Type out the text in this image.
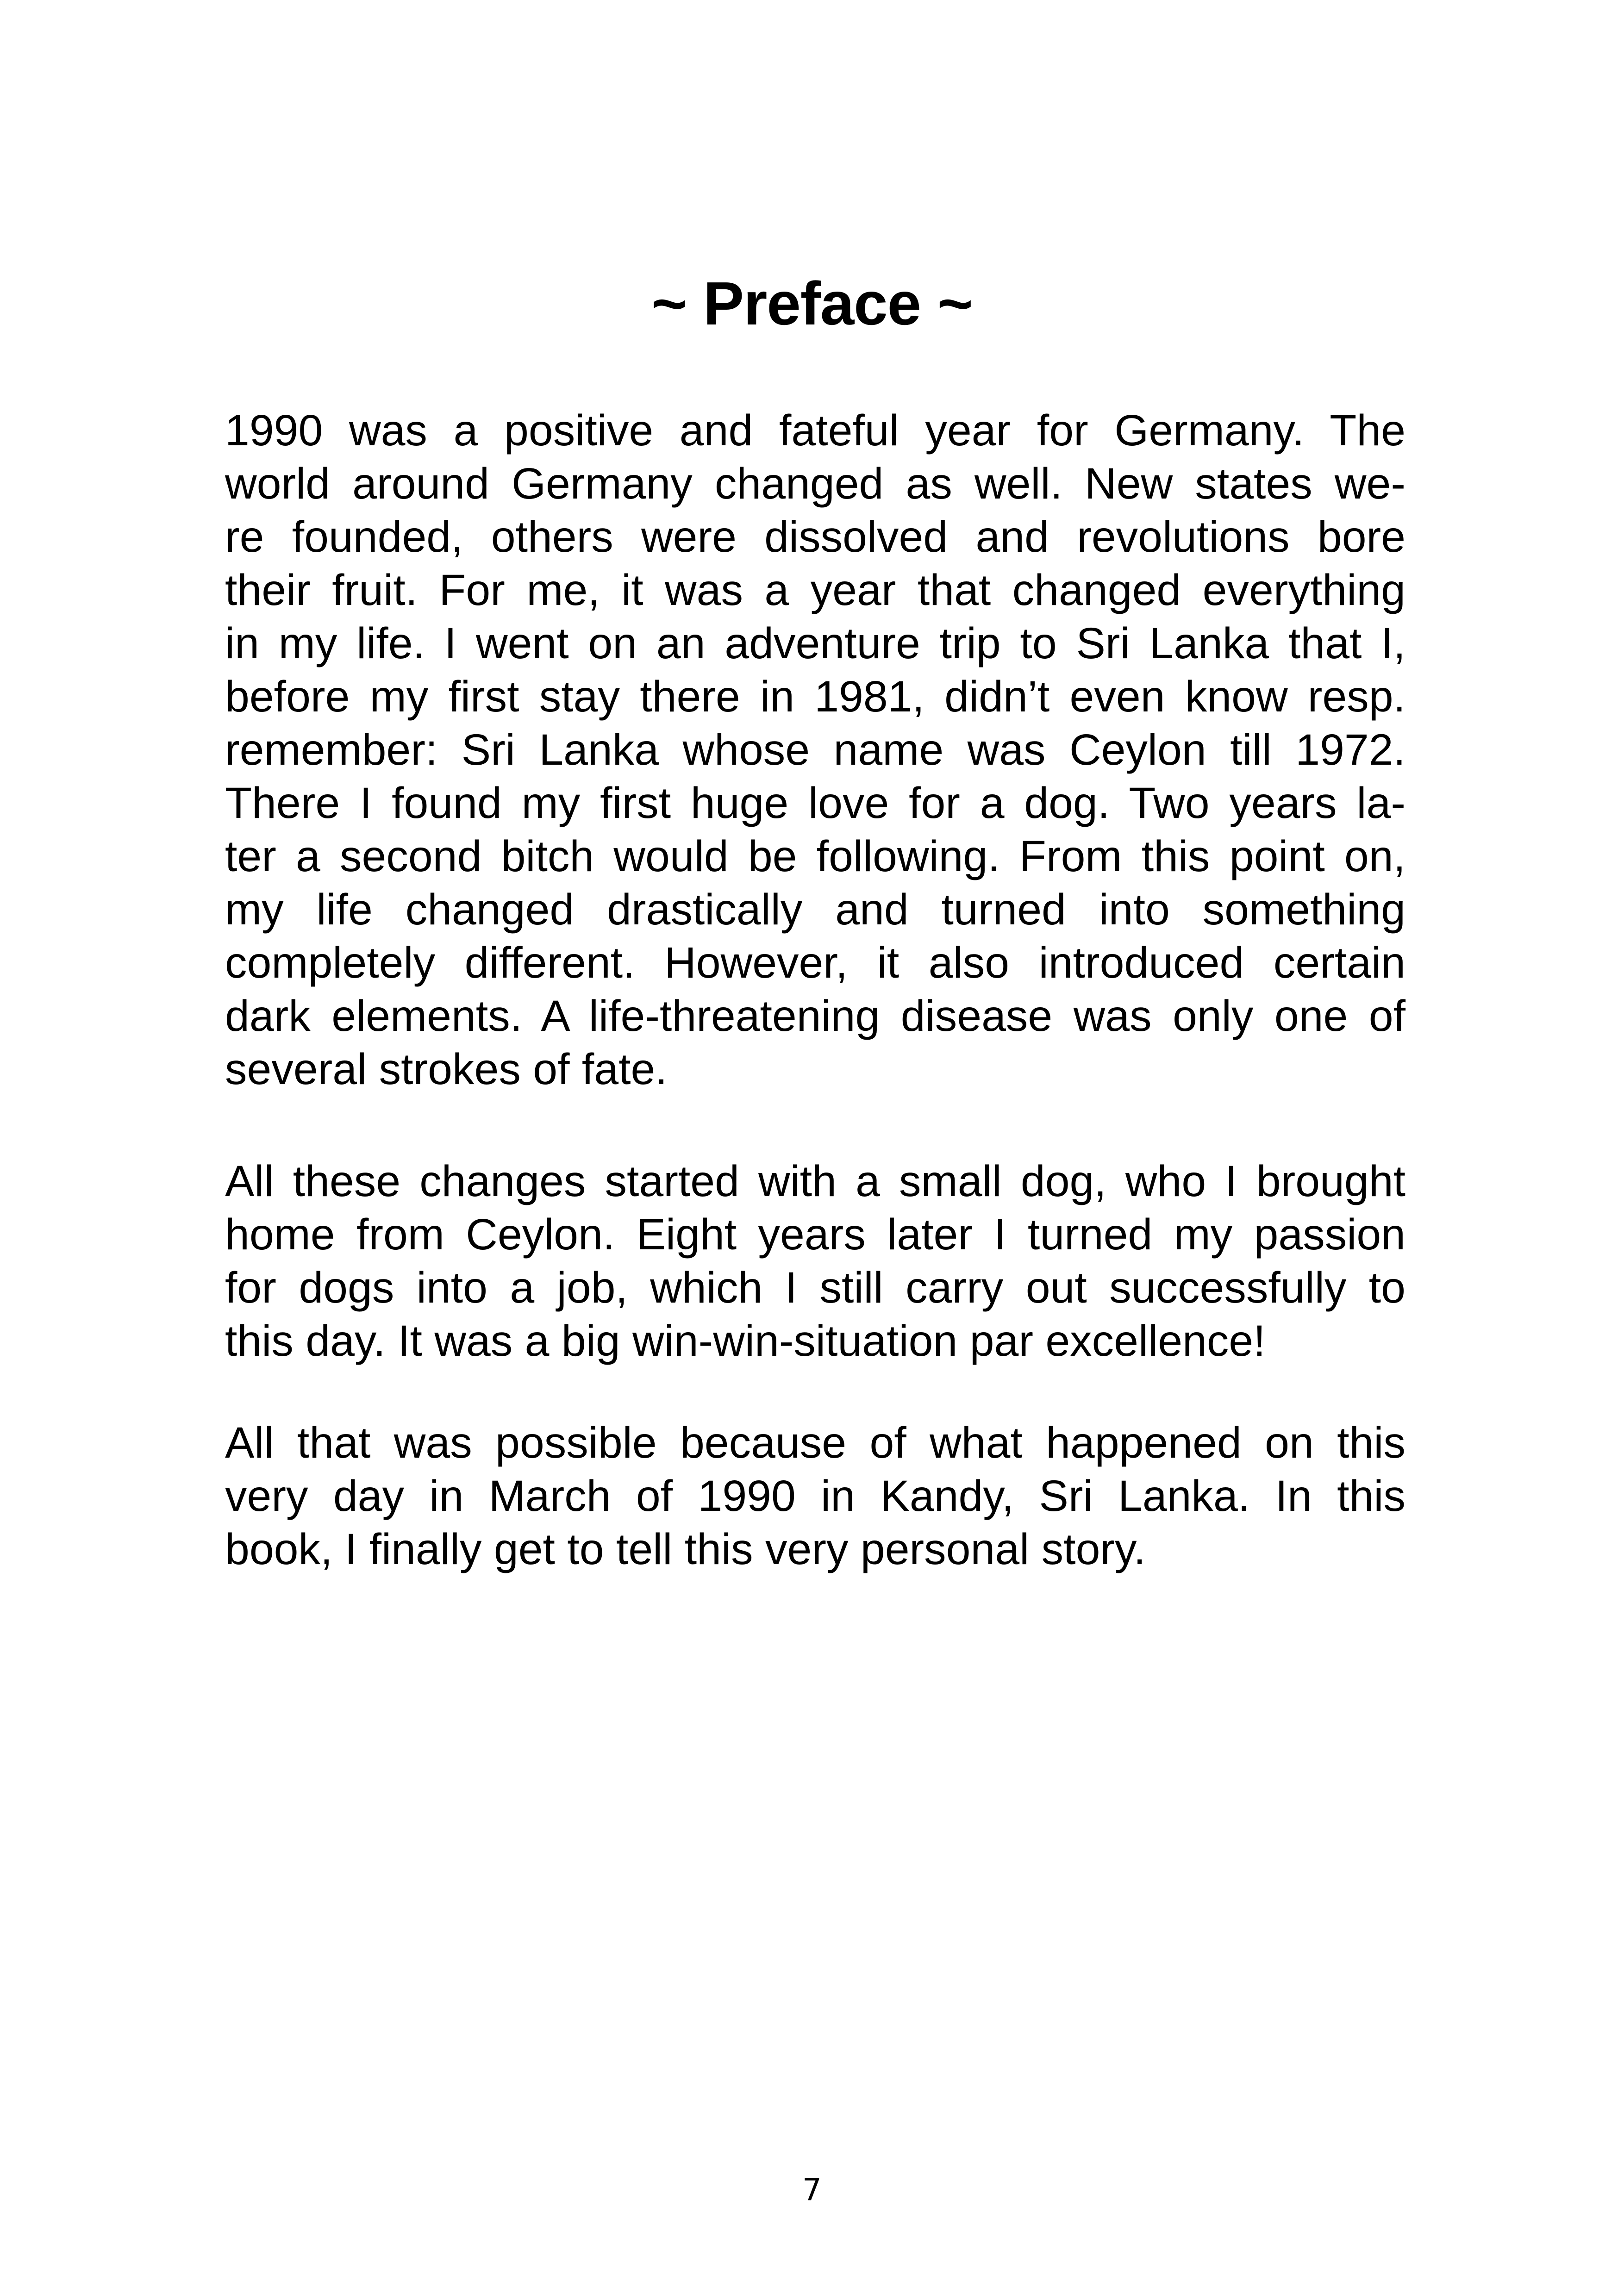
~ Preface ~
1990 was a positive and fateful year for Germany. The
world around Germany changed as well. New states we-
re founded, others were dissolved and revolutions bore
their fruit. For me, it was a year that changed everything
in my life. I went on an adventure trip to Sri Lanka that I,
before my first stay there in 1981, didn’t even know resp.
remember: Sri Lanka whose name was Ceylon till 1972.
There I found my first huge love for a dog. Two years la-
ter a second bitch would be following. From this point on,
my life changed drastically and turned into something
completely different. However, it also introduced certain
dark elements. A life-threatening disease was only one of
several strokes of fate.
All these changes started with a small dog, who I brought
home from Ceylon. Eight years later I turned my passion
for dogs into a job, which I still carry out successfully to
this day. It was a big win-win-situation par excellence!
All that was possible because of what happened on this
very day in March of 1990 in Kandy, Sri Lanka. In this
book, I finally get to tell this very personal story.
7
